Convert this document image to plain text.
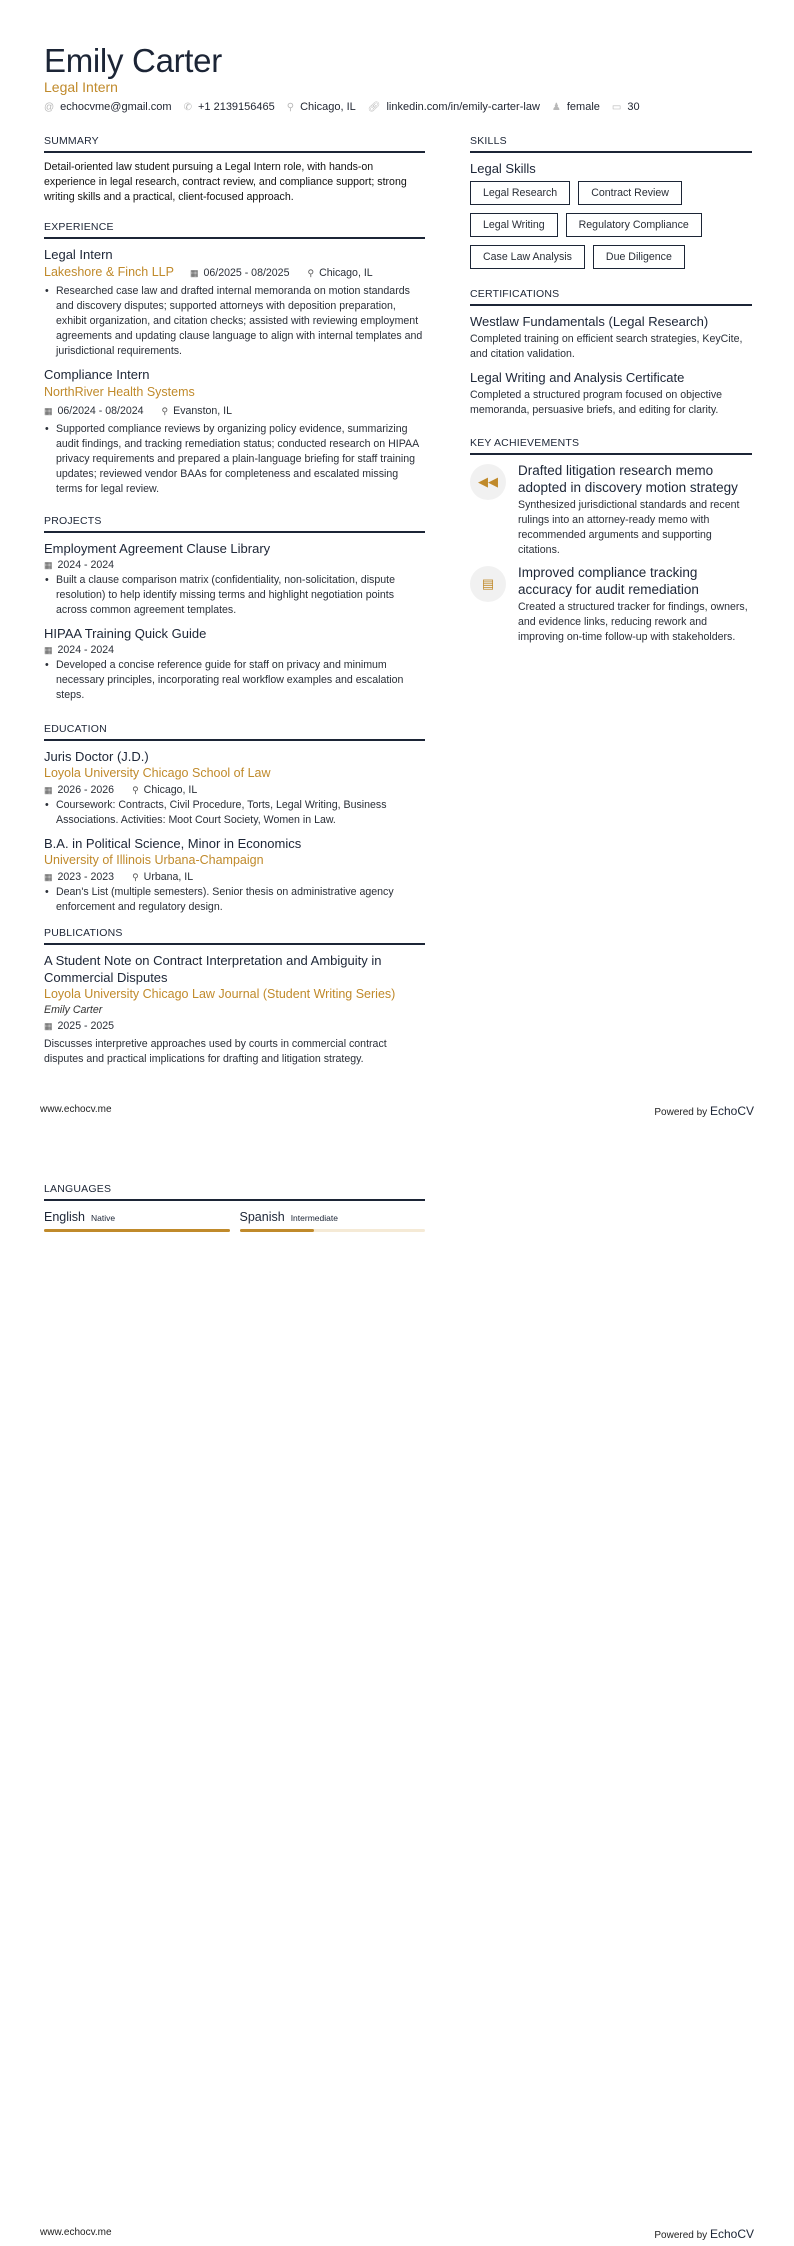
Emily Carter
Legal Intern
@ echocvme@gmail.com ✆ +1 2139156465 ⚲ Chicago, IL 🔗︎ linkedin.com/in/emily-carter-law ♟ female ▭ 30
SUMMARY
Detail-oriented law student pursuing a Legal Intern role, with hands-on experience in legal research, contract review, and compliance support; strong writing skills and a practical, client-focused approach.
EXPERIENCE
Legal Intern
Lakeshore & Finch LLP ▦ 06/2025 - 08/2025 ⚲ Chicago, IL
• Researched case law and drafted internal memoranda on motion standards and discovery disputes; supported attorneys with deposition preparation, exhibit organization, and citation checks; assisted with reviewing employment agreements and updating clause language to align with internal templates and jurisdictional requirements.
Compliance Intern
NorthRiver Health Systems
▦ 06/2024 - 08/2024 ⚲ Evanston, IL
• Supported compliance reviews by organizing policy evidence, summarizing audit findings, and tracking remediation status; conducted research on HIPAA privacy requirements and prepared a plain-language briefing for staff training updates; reviewed vendor BAAs for completeness and escalated missing terms for legal review.
PROJECTS
Employment Agreement Clause Library
▦ 2024 - 2024
• Built a clause comparison matrix (confidentiality, non-solicitation, dispute resolution) to help identify missing terms and highlight negotiation points across common agreement templates.
HIPAA Training Quick Guide
▦ 2024 - 2024
• Developed a concise reference guide for staff on privacy and minimum necessary principles, incorporating real workflow examples and escalation steps.
EDUCATION
Juris Doctor (J.D.)
Loyola University Chicago School of Law
▦ 2026 - 2026 ⚲ Chicago, IL
• Coursework: Contracts, Civil Procedure, Torts, Legal Writing, Business Associations. Activities: Moot Court Society, Women in Law.
B.A. in Political Science, Minor in Economics
University of Illinois Urbana-Champaign
▦ 2023 - 2023 ⚲ Urbana, IL
• Dean's List (multiple semesters). Senior thesis on administrative agency enforcement and regulatory design.
PUBLICATIONS
A Student Note on Contract Interpretation and Ambiguity in Commercial Disputes
Loyola University Chicago Law Journal (Student Writing Series)
Emily Carter
▦ 2025 - 2025
Discusses interpretive approaches used by courts in commercial contract disputes and practical implications for drafting and litigation strategy.
SKILLS
Legal Skills
Legal Research	Contract Review
Legal Writing	Regulatory Compliance
Case Law Analysis	Due Diligence
CERTIFICATIONS
Westlaw Fundamentals (Legal Research)
Completed training on efficient search strategies, KeyCite, and citation validation.
Legal Writing and Analysis Certificate
Completed a structured program focused on objective memoranda, persuasive briefs, and editing for clarity.
KEY ACHIEVEMENTS
◀◀
Drafted litigation research memo adopted in discovery motion strategy
Synthesized jurisdictional standards and recent rulings into an attorney-ready memo with recommended arguments and supporting citations.
▤
Improved compliance tracking accuracy for audit remediation
Created a structured tracker for findings, owners, and evidence links, reducing rework and improving on-time follow-up with stakeholders.
www.echocv.me	Powered by EchoCV
LANGUAGES
English Native	Spanish Intermediate
www.echocv.me	Powered by EchoCV
